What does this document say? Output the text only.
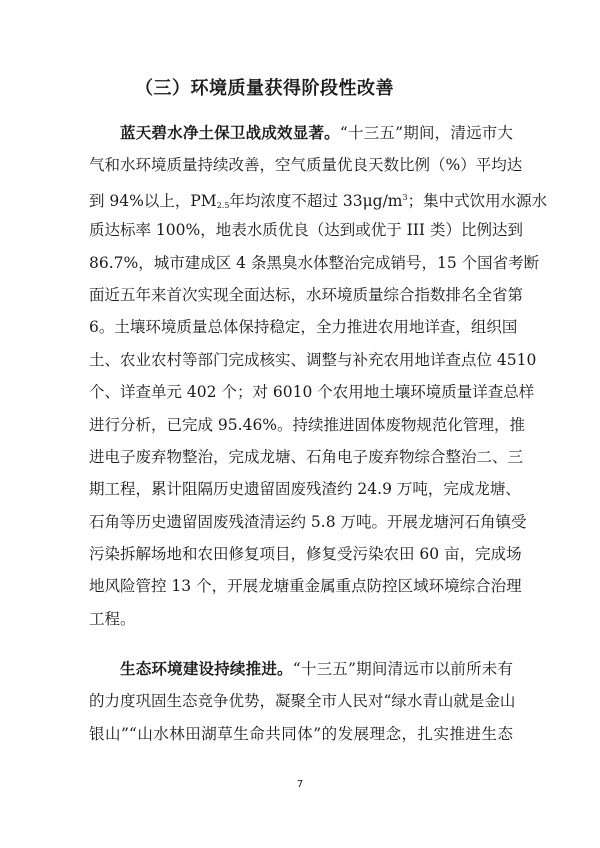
（三）环境质量获得阶段性改善

蓝天碧水净土保卫战成效显著。“十三五”期间，清远市大
气和水环境质量持续改善，空气质量优良天数比例（%）平均达
到 94%以上，$PM_{2.5}$年均浓度不超过 $33\mu g/m^3$；集中式饮用水源水
质达标率 100%，地表水质优良（达到或优于 III 类）比例达到
86.7%，城市建成区 4 条黑臭水体整治完成销号，15 个国省考断
面近五年来首次实现全面达标，水环境质量综合指数排名全省第
6。土壤环境质量总体保持稳定，全力推进农用地详查，组织国
土、农业农村等部门完成核实、调整与补充农用地详查点位 4510
个、详查单元 402 个；对 6010 个农用地土壤环境质量详查总样
进行分析，已完成 95.46%。持续推进固体废物规范化管理，推
进电子废弃物整治，完成龙塘、石角电子废弃物综合整治二、三
期工程，累计阻隔历史遗留固废残渣约 24.9 万吨，完成龙塘、
石角等历史遗留固废残渣清运约 5.8 万吨。开展龙塘河石角镇受
污染拆解场地和农田修复项目，修复受污染农田 60 亩，完成场
地风险管控 13 个，开展龙塘重金属重点防控区域环境综合治理
工程。

生态环境建设持续推进。“十三五”期间清远市以前所未有
的力度巩固生态竞争优势，凝聚全市人民对“绿水青山就是金山
银山”“山水林田湖草生命共同体”的发展理念，扎实推进生态

7
